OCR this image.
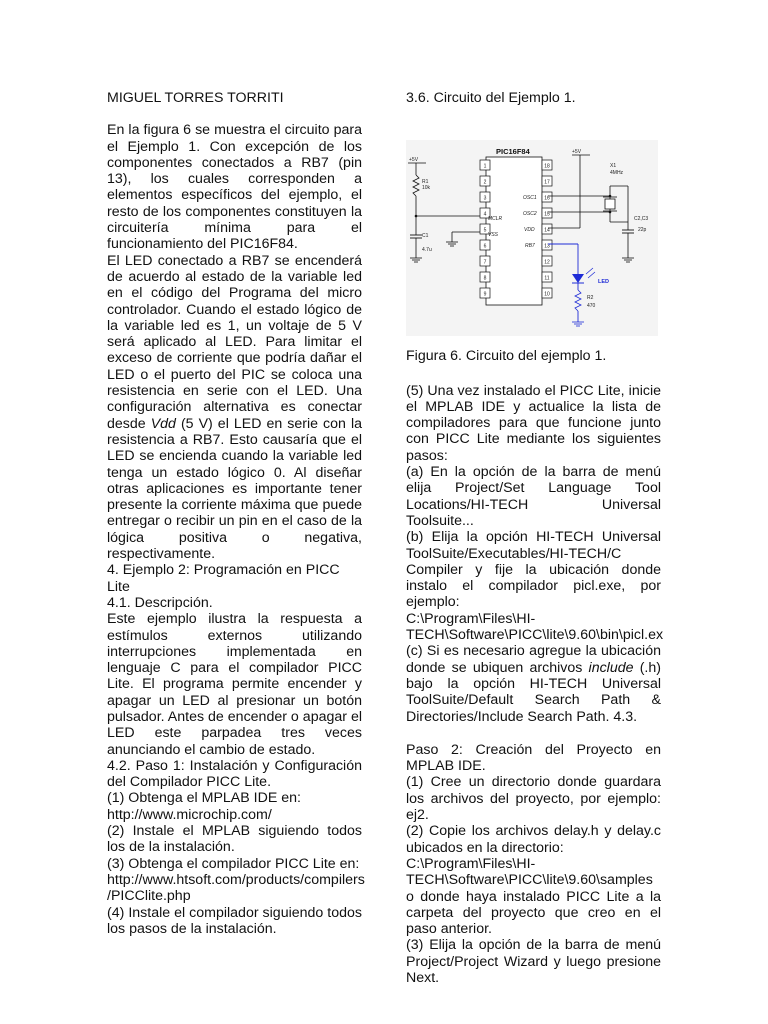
MIGUEL TORRES TORRITI

En la figura 6 se muestra el circuito para el Ejemplo 1. Con excepción de los componentes conectados a RB7 (pin 13), los cuales corresponden a elementos específicos del ejemplo, el resto de los componentes constituyen la circuitería mínima para el funcionamiento del PIC16F84.

El LED conectado a RB7 se encenderá de acuerdo al estado de la variable led en el código del Programa del micro controlador. Cuando el estado lógico de la variable led es 1, un voltaje de 5 V será aplicado al LED. Para limitar el exceso de corriente que podría dañar el LED o el puerto del PIC se coloca una resistencia en serie con el LED. Una configuración alternativa es conectar desde Vdd (5 V) el LED en serie con la resistencia a RB7. Esto causaría que el LED se encienda cuando la variable led tenga un estado lógico 0. Al diseñar otras aplicaciones es importante tener presente la corriente máxima que puede entregar o recibir un pin en el caso de la lógica positiva o negativa, respectivamente.

4. Ejemplo 2: Programación en PICC Lite

4.1. Descripción.

Este ejemplo ilustra la respuesta a estímulos externos utilizando interrupciones implementada en lenguaje C para el compilador PICC Lite. El programa permite encender y apagar un LED al presionar un botón pulsador. Antes de encender o apagar el LED este parpadea tres veces anunciando el cambio de estado.

4.2. Paso 1: Instalación y Configuración del Compilador PICC Lite.

(1) Obtenga el MPLAB IDE en:

http://www.microchip.com/

(2) Instale el MPLAB siguiendo todos los de la instalación.

(3) Obtenga el compilador PICC Lite en:

http://www.htsoft.com/products/compilers

/PICClite.php

(4) Instale el compilador siguiendo todos los pasos de la instalación.

3.6. Circuito del Ejemplo 1.

PIC16F84
1
2
3
4
5
6
7
8
9
18
17
16
15
14
13
12
11
10
MCLR
VSS
OSC1
OSC2
VDD
RB7
+5V
R1
10k
C1
4.7u
+5V
X1
4MHz
C2,C3
22p
LED
R2
470

Figura 6. Circuito del ejemplo 1.

(5) Una vez instalado el PICC Lite, inicie el MPLAB IDE y actualice la lista de compiladores para que funcione junto con PICC Lite mediante los siguientes pasos:

(a) En la opción de la barra de menú elija Project/Set Language Tool Locations/HI-TECH Universal Toolsuite...

(b) Elija la opción HI-TECH Universal ToolSuite/Executables/HI-TECH/C Compiler y fije la ubicación donde instalo el compilador picl.exe, por ejemplo:

C:\Program\Files\HI-

TECH\Software\PICC\lite\9.60\bin\picl.ex

(c) Si es necesario agregue la ubicación donde se ubiquen archivos include (.h) bajo la opción HI-TECH Universal ToolSuite/Default Search Path & Directories/Include Search Path. 4.3.

Paso 2: Creación del Proyecto en MPLAB IDE.

(1) Cree un directorio donde guardara los archivos del proyecto, por ejemplo: ej2.

(2) Copie los archivos delay.h y delay.c ubicados en la directorio:

C:\Program\Files\HI-

TECH\Software\PICC\lite\9.60\samples

o donde haya instalado PICC Lite a la carpeta del proyecto que creo en el paso anterior.

(3) Elija la opción de la barra de menú Project/Project Wizard y luego presione Next.
